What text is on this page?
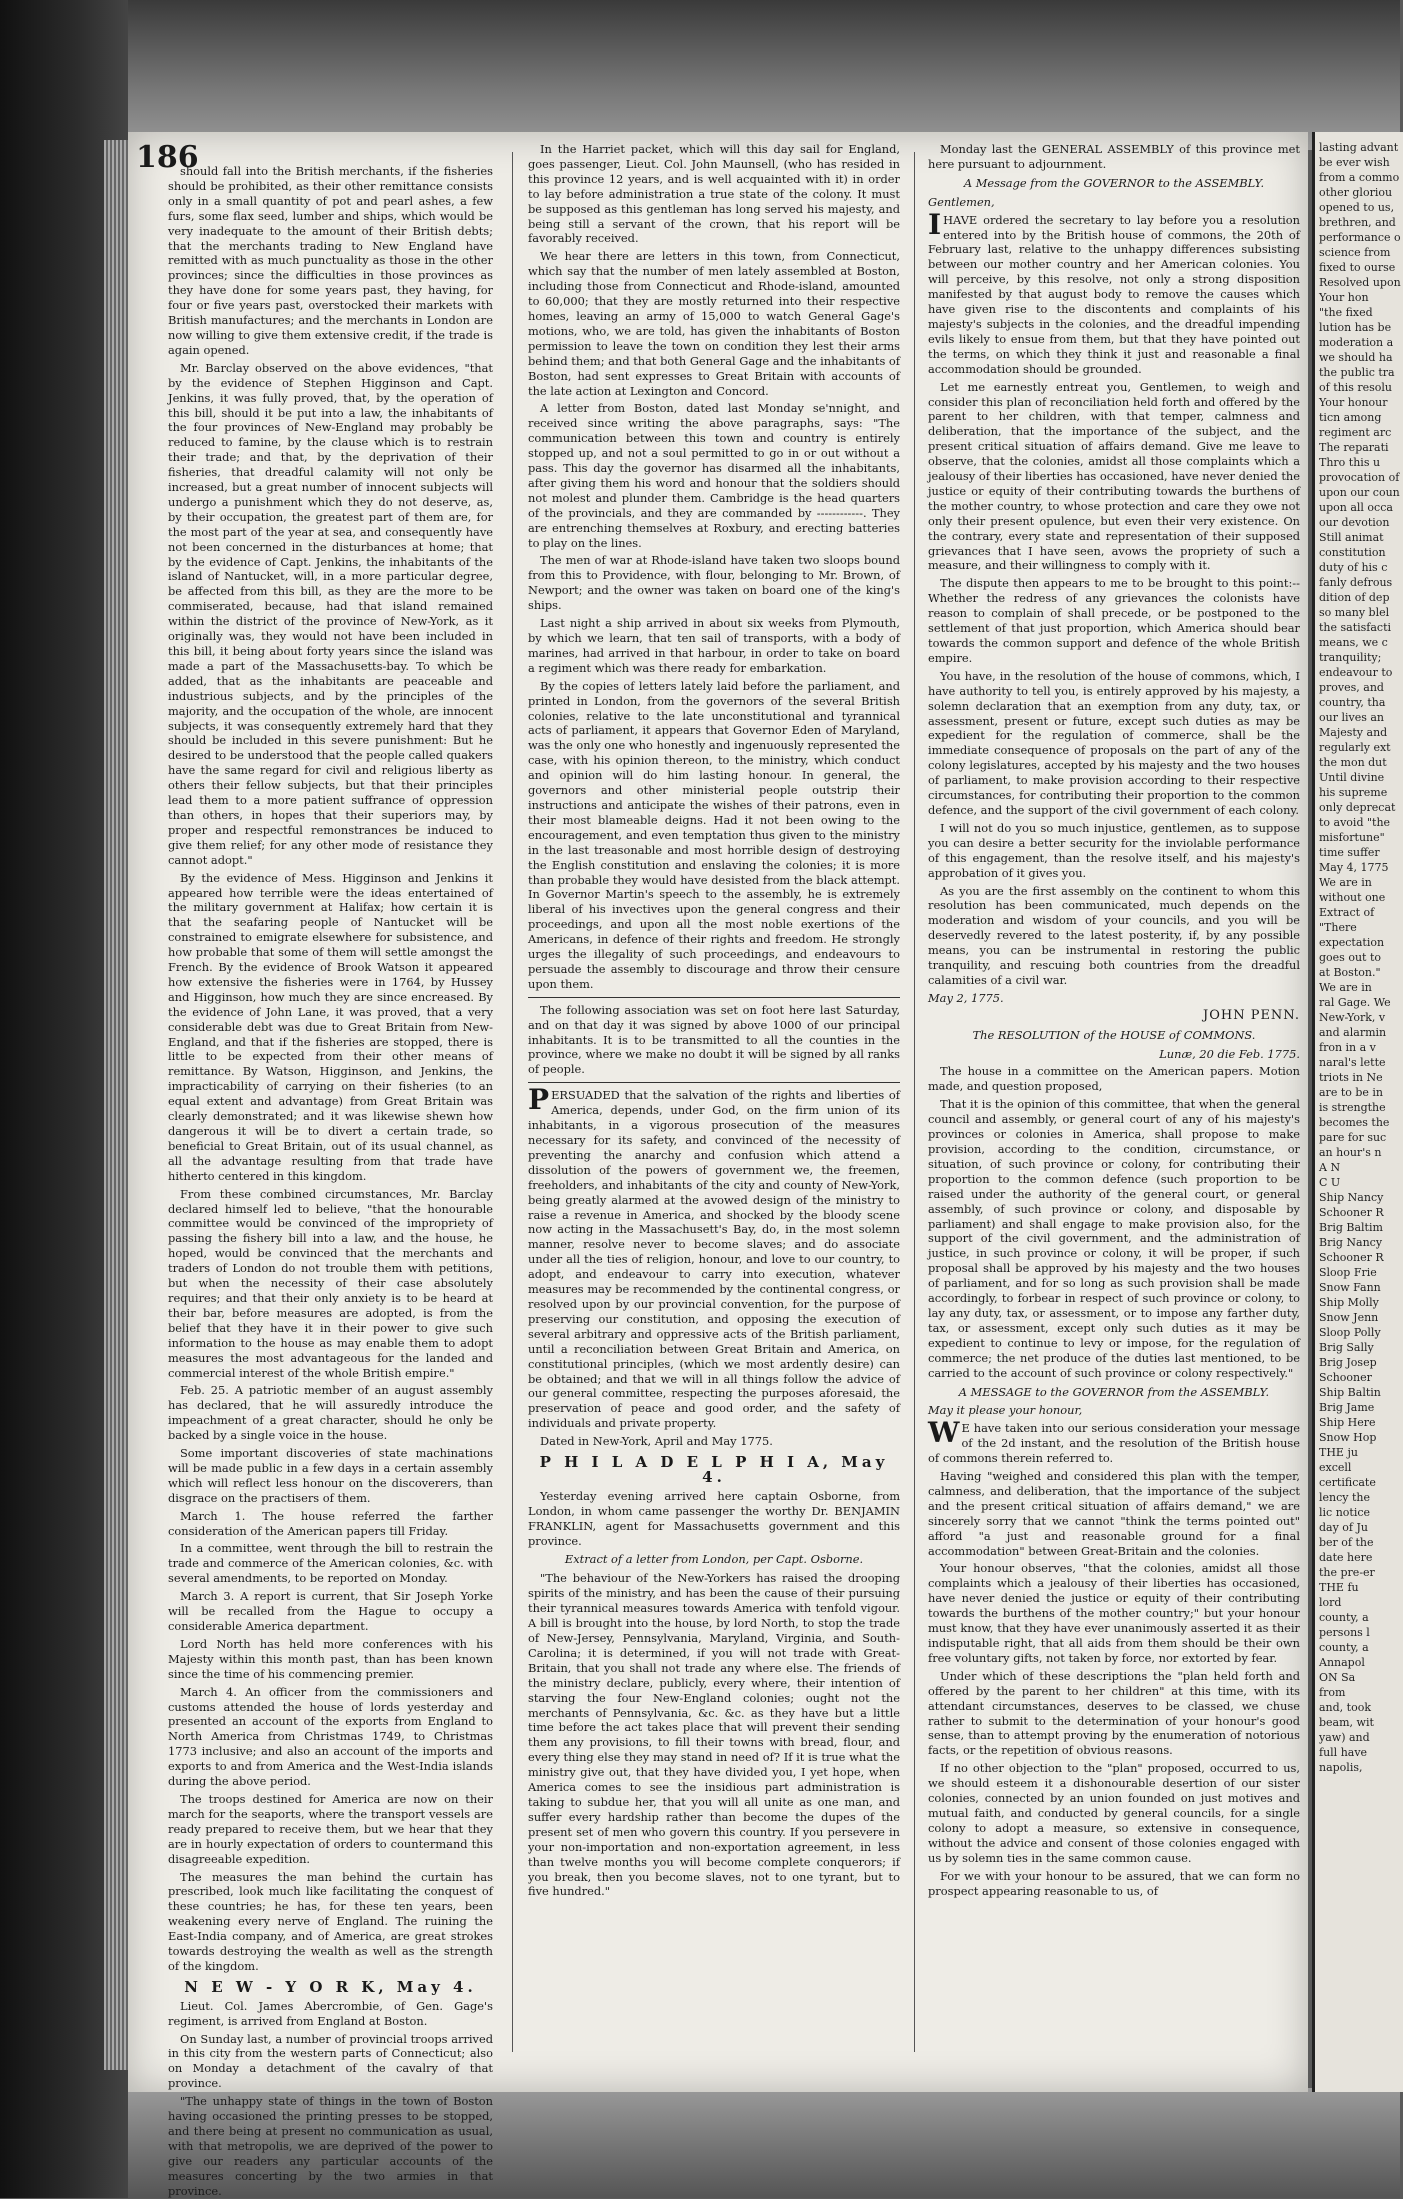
186

should fall into the British merchants, if the fisheries should be prohibited, as their other remittance consists only in a small quantity of pot and pearl ashes, a few furs, some flax seed, lumber and ships, which would be very inadequate to the amount of their British debts; that the merchants trading to New England have remitted with as much punctuality as those in the other provinces; since the difficulties in those provinces as they have done for some years past, they having, for four or five years past, overstocked their markets with British manufactures; and the merchants in London are now willing to give them extensive credit, if the trade is again opened.

Mr. Barclay observed on the above evidences, "that by the evidence of Stephen Higginson and Capt. Jenkins, it was fully proved, that, by the operation of this bill, should it be put into a law, the inhabitants of the four provinces of New-England may probably be reduced to famine, by the clause which is to restrain their trade; and that, by the deprivation of their fisheries, that dreadful calamity will not only be increased, but a great number of innocent subjects will undergo a punishment which they do not deserve, as, by their occupation, the greatest part of them are, for the most part of the year at sea, and consequently have not been concerned in the disturbances at home; that by the evidence of Capt. Jenkins, the inhabitants of the island of Nantucket, will, in a more particular degree, be affected from this bill, as they are the more to be commiserated, because, had that island remained within the district of the province of New-York, as it originally was, they would not have been included in this bill, it being about forty years since the island was made a part of the Massachusetts-bay. To which be added, that as the inhabitants are peaceable and industrious subjects, and by the principles of the majority, and the occupation of the whole, are innocent subjects, it was consequently extremely hard that they should be included in this severe punishment: But he desired to be understood that the people called quakers have the same regard for civil and religious liberty as others their fellow subjects, but that their principles lead them to a more patient suffrance of oppression than others, in hopes that their superiors may, by proper and respectful remonstrances be induced to give them relief; for any other mode of resistance they cannot adopt."

By the evidence of Mess. Higginson and Jenkins it appeared how terrible were the ideas entertained of the military government at Halifax; how certain it is that the seafaring people of Nantucket will be constrained to emigrate elsewhere for subsistence, and how probable that some of them will settle amongst the French. By the evidence of Brook Watson it appeared how extensive the fisheries were in 1764, by Hussey and Higginson, how much they are since encreased. By the evidence of John Lane, it was proved, that a very considerable debt was due to Great Britain from New-England, and that if the fisheries are stopped, there is little to be expected from their other means of remittance. By Watson, Higginson, and Jenkins, the impracticability of carrying on their fisheries (to an equal extent and advantage) from Great Britain was clearly demonstrated; and it was likewise shewn how dangerous it will be to divert a certain trade, so beneficial to Great Britain, out of its usual channel, as all the advantage resulting from that trade have hitherto centered in this kingdom.

From these combined circumstances, Mr. Barclay declared himself led to believe, "that the honourable committee would be convinced of the impropriety of passing the fishery bill into a law, and the house, he hoped, would be convinced that the merchants and traders of London do not trouble them with petitions, but when the necessity of their case absolutely requires; and that their only anxiety is to be heard at their bar, before measures are adopted, is from the belief that they have it in their power to give such information to the house as may enable them to adopt measures the most advantageous for the landed and commercial interest of the whole British empire."

Feb. 25. A patriotic member of an august assembly has declared, that he will assuredly introduce the impeachment of a great character, should he only be backed by a single voice in the house.

Some important discoveries of state machinations will be made public in a few days in a certain assembly which will reflect less honour on the discoverers, than disgrace on the practisers of them.

March 1. The house referred the farther consideration of the American papers till Friday.

In a committee, went through the bill to restrain the trade and commerce of the American colonies, &c. with several amendments, to be reported on Monday.

March 3. A report is current, that Sir Joseph Yorke will be recalled from the Hague to occupy a considerable America department.

Lord North has held more conferences with his Majesty within this month past, than has been known since the time of his commencing premier.

March 4. An officer from the commissioners and customs attended the house of lords yesterday and presented an account of the exports from England to North America from Christmas 1749, to Christmas 1773 inclusive; and also an account of the imports and exports to and from America and the West-India islands during the above period.

The troops destined for America are now on their march for the seaports, where the transport vessels are ready prepared to receive them, but we hear that they are in hourly expectation of orders to countermand this disagreeable expedition.

The measures the man behind the curtain has prescribed, look much like facilitating the conquest of these countries; he has, for these ten years, been weakening every nerve of England. The ruining the East-India company, and of America, are great strokes towards destroying the wealth as well as the strength of the kingdom.

N E W - Y O R K, May 4.

Lieut. Col. James Abercrombie, of Gen. Gage's regiment, is arrived from England at Boston.

On Sunday last, a number of provincial troops arrived in this city from the western parts of Connecticut; also on Monday a detachment of the cavalry of that province.

"The unhappy state of things in the town of Boston having occasioned the printing presses to be stopped, and there being at present no communication as usual, with that metropolis, we are deprived of the power to give our readers any particular accounts of the measures concerting by the two armies in that province.

In the Harriet packet, which will this day sail for England, goes passenger, Lieut. Col. John Maunsell, (who has resided in this province 12 years, and is well acquainted with it) in order to lay before administration a true state of the colony. It must be supposed as this gentleman has long served his majesty, and being still a servant of the crown, that his report will be favorably received.

We hear there are letters in this town, from Connecticut, which say that the number of men lately assembled at Boston, including those from Connecticut and Rhode-island, amounted to 60,000; that they are mostly returned into their respective homes, leaving an army of 15,000 to watch General Gage's motions, who, we are told, has given the inhabitants of Boston permission to leave the town on condition they lest their arms behind them; and that both General Gage and the inhabitants of Boston, had sent expresses to Great Britain with accounts of the late action at Lexington and Concord.

A letter from Boston, dated last Monday se'nnight, and received since writing the above paragraphs, says: "The communication between this town and country is entirely stopped up, and not a soul permitted to go in or out without a pass. This day the governor has disarmed all the inhabitants, after giving them his word and honour that the soldiers should not molest and plunder them. Cambridge is the head quarters of the provincials, and they are commanded by ------------. They are entrenching themselves at Roxbury, and erecting batteries to play on the lines.

The men of war at Rhode-island have taken two sloops bound from this to Providence, with flour, belonging to Mr. Brown, of Newport; and the owner was taken on board one of the king's ships.

Last night a ship arrived in about six weeks from Plymouth, by which we learn, that ten sail of transports, with a body of marines, had arrived in that harbour, in order to take on board a regiment which was there ready for embarkation.

By the copies of letters lately laid before the parliament, and printed in London, from the governors of the several British colonies, relative to the late unconstitutional and tyrannical acts of parliament, it appears that Governor Eden of Maryland, was the only one who honestly and ingenuously represented the case, with his opinion thereon, to the ministry, which conduct and opinion will do him lasting honour. In general, the governors and other ministerial people outstrip their instructions and anticipate the wishes of their patrons, even in their most blameable deigns. Had it not been owing to the encouragement, and even temptation thus given to the ministry in the last treasonable and most horrible design of destroying the English constitution and enslaving the colonies; it is more than probable they would have desisted from the black attempt. In Governor Martin's speech to the assembly, he is extremely liberal of his invectives upon the general congress and their proceedings, and upon all the most noble exertions of the Americans, in defence of their rights and freedom. He strongly urges the illegality of such proceedings, and endeavours to persuade the assembly to discourage and throw their censure upon them.

The following association was set on foot here last Saturday, and on that day it was signed by above 1000 of our principal inhabitants. It is to be transmitted to all the counties in the province, where we make no doubt it will be signed by all ranks of people.

PERSUADED that the salvation of the rights and liberties of America, depends, under God, on the firm union of its inhabitants, in a vigorous prosecution of the measures necessary for its safety, and convinced of the necessity of preventing the anarchy and confusion which attend a dissolution of the powers of government we, the freemen, freeholders, and inhabitants of the city and county of New-York, being greatly alarmed at the avowed design of the ministry to raise a revenue in America, and shocked by the bloody scene now acting in the Massachusett's Bay, do, in the most solemn manner, resolve never to become slaves; and do associate under all the ties of religion, honour, and love to our country, to adopt, and endeavour to carry into execution, whatever measures may be recommended by the continental congress, or resolved upon by our provincial convention, for the purpose of preserving our constitution, and opposing the execution of several arbitrary and oppressive acts of the British parliament, until a reconciliation between Great Britain and America, on constitutional principles, (which we most ardently desire) can be obtained; and that we will in all things follow the advice of our general committee, respecting the purposes aforesaid, the preservation of peace and good order, and the safety of individuals and private property.

Dated in New-York, April and May 1775.

P H I L A D E L P H I A, May 4.

Yesterday evening arrived here captain Osborne, from London, in whom came passenger the worthy Dr. BENJAMIN FRANKLIN, agent for Massachusetts government and this province.

Extract of a letter from London, per Capt. Osborne.

"The behaviour of the New-Yorkers has raised the drooping spirits of the ministry, and has been the cause of their pursuing their tyrannical measures towards America with tenfold vigour. A bill is brought into the house, by lord North, to stop the trade of New-Jersey, Pennsylvania, Maryland, Virginia, and South-Carolina; it is determined, if you will not trade with Great-Britain, that you shall not trade any where else. The friends of the ministry declare, publicly, every where, their intention of starving the four New-England colonies; ought not the merchants of Pennsylvania, &c. &c. as they have but a little time before the act takes place that will prevent their sending them any provisions, to fill their towns with bread, flour, and every thing else they may stand in need of? If it is true what the ministry give out, that they have divided you, I yet hope, when America comes to see the insidious part administration is taking to subdue her, that you will all unite as one man, and suffer every hardship rather than become the dupes of the present set of men who govern this country. If you persevere in your non-importation and non-exportation agreement, in less than twelve months you will become complete conquerors; if you break, then you become slaves, not to one tyrant, but to five hundred."

Monday last the GENERAL ASSEMBLY of this province met here pursuant to adjournment.

A Message from the GOVERNOR to the ASSEMBLY.

Gentlemen,

IHAVE ordered the secretary to lay before you a resolution entered into by the British house of commons, the 20th of February last, relative to the unhappy differences subsisting between our mother country and her American colonies. You will perceive, by this resolve, not only a strong disposition manifested by that august body to remove the causes which have given rise to the discontents and complaints of his majesty's subjects in the colonies, and the dreadful impending evils likely to ensue from them, but that they have pointed out the terms, on which they think it just and reasonable a final accommodation should be grounded.

Let me earnestly entreat you, Gentlemen, to weigh and consider this plan of reconciliation held forth and offered by the parent to her children, with that temper, calmness and deliberation, that the importance of the subject, and the present critical situation of affairs demand. Give me leave to observe, that the colonies, amidst all those complaints which a jealousy of their liberties has occasioned, have never denied the justice or equity of their contributing towards the burthens of the mother country, to whose protection and care they owe not only their present opulence, but even their very existence. On the contrary, every state and representation of their supposed grievances that I have seen, avows the propriety of such a measure, and their willingness to comply with it.

The dispute then appears to me to be brought to this point:--Whether the redress of any grievances the colonists have reason to complain of shall precede, or be postponed to the settlement of that just proportion, which America should bear towards the common support and defence of the whole British empire.

You have, in the resolution of the house of commons, which, I have authority to tell you, is entirely approved by his majesty, a solemn declaration that an exemption from any duty, tax, or assessment, present or future, except such duties as may be expedient for the regulation of commerce, shall be the immediate consequence of proposals on the part of any of the colony legislatures, accepted by his majesty and the two houses of parliament, to make provision according to their respective circumstances, for contributing their proportion to the common defence, and the support of the civil government of each colony.

I will not do you so much injustice, gentlemen, as to suppose you can desire a better security for the inviolable performance of this engagement, than the resolve itself, and his majesty's approbation of it gives you.

As you are the first assembly on the continent to whom this resolution has been communicated, much depends on the moderation and wisdom of your councils, and you will be deservedly revered to the latest posterity, if, by any possible means, you can be instrumental in restoring the public tranquility, and rescuing both countries from the dreadful calamities of a civil war.

May 2, 1775.

JOHN PENN.

The RESOLUTION of the HOUSE of COMMONS.

Lunæ, 20 die Feb. 1775.

The house in a committee on the American papers. Motion made, and question proposed,

That it is the opinion of this committee, that when the general council and assembly, or general court of any of his majesty's provinces or colonies in America, shall propose to make provision, according to the condition, circumstance, or situation, of such province or colony, for contributing their proportion to the common defence (such proportion to be raised under the authority of the general court, or general assembly, of such province or colony, and disposable by parliament) and shall engage to make provision also, for the support of the civil government, and the administration of justice, in such province or colony, it will be proper, if such proposal shall be approved by his majesty and the two houses of parliament, and for so long as such provision shall be made accordingly, to forbear in respect of such province or colony, to lay any duty, tax, or assessment, or to impose any farther duty, tax, or assessment, except only such duties as it may be expedient to continue to levy or impose, for the regulation of commerce; the net produce of the duties last mentioned, to be carried to the account of such province or colony respectively."

A MESSAGE to the GOVERNOR from the ASSEMBLY.

May it please your honour,

W E have taken into our serious consideration your message of the 2d instant, and the resolution of the British house of commons therein referred to.

Having "weighed and considered this plan with the temper, calmness, and deliberation, that the importance of the subject and the present critical situation of affairs demand," we are sincerely sorry that we cannot "think the terms pointed out" afford "a just and reasonable ground for a final accommodation" between Great-Britain and the colonies.

Your honour observes, "that the colonies, amidst all those complaints which a jealousy of their liberties has occasioned, have never denied the justice or equity of their contributing towards the burthens of the mother country;" but your honour must know, that they have ever unanimously asserted it as their indisputable right, that all aids from them should be their own free voluntary gifts, not taken by force, nor extorted by fear.

Under which of these descriptions the "plan held forth and offered by the parent to her children" at this time, with its attendant circumstances, deserves to be classed, we chuse rather to submit to the determination of your honour's good sense, than to attempt proving by the enumeration of notorious facts, or the repetition of obvious reasons.

If no other objection to the "plan" proposed, occurred to us, we should esteem it a dishonourable desertion of our sister colonies, connected by an union founded on just motives and mutual faith, and conducted by general councils, for a single colony to adopt a measure, so extensive in consequence, without the advice and consent of those colonies engaged with us by solemn ties in the same common cause.

For we with your honour to be assured, that we can form no prospect appearing reasonable to us, of

lasting advant
be ever wish
from a commo
other gloriou
opened to us,
brethren, and
performance o
science from
fixed to ourse
Resolved upon
Your hon
"the fixed
lution has be
moderation a
we should ha
the public tra
of this resolu
Your honour
ticn among
regiment arc
The reparati
Thro this u
provocation of
upon our coun
upon all occa
our devotion
Still animat
constitution
duty of his c
fanly defrous
dition of dep
so many blel
the satisfacti
means, we c
tranquility;
endeavour to
proves, and
country, tha
our lives an
Majesty and
regularly ext
the mon dut
Until divine
his supreme
only deprecat
to avoid "the
misfortune"
time suffer
May 4, 1775
We are in
without one
Extract of
"There
expectation
goes out to
at Boston."
We are in
ral Gage. We
New-York, v
and alarmin
fron in a v
naral's lette
triots in Ne
are to be in
is strengthe
becomes the
pare for suc
an hour's n
A N
C U
Ship Nancy
Schooner R
Brig Baltim
Brig Nancy
Schooner R
Sloop Frie
Snow Fann
Ship Molly
Snow Jenn
Sloop Polly
Brig Sally
Brig Josep
Schooner
Ship Baltin
Brig Jame
Ship Here
Snow Hop
THE ju
excell
certificate
lency the
lic notice
day of Ju
ber of the
date here
the pre-er
THE fu
lord
county, a
persons l
county, a
Annapol
ON Sa
from
and, took
beam, wit
yaw) and
full have
napolis,
